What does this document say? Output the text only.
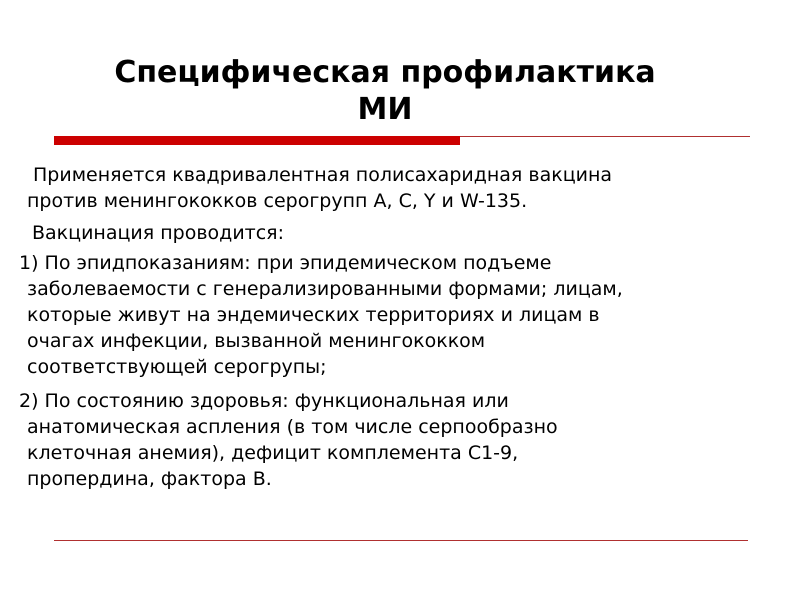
Специфическая профилактика
МИ

Применяется квадривалентная полисахаридная вакцина
против менингококков серогрупп А, С, Y и W-135.

Вакцинация проводится:

1) По эпидпоказаниям: при эпидемическом подъеме
заболеваемости с генерализированными формами; лицам,
которые живут на эндемических территориях и лицам в
очагах инфекции, вызванной менингококком
соответствующей серогрупы;

2) По состоянию здоровья: функциональная или
анатомическая аспления (в том числе серпообразно
клеточная анемия), дефицит комплемента С1-9,
пропердина, фактора В.
